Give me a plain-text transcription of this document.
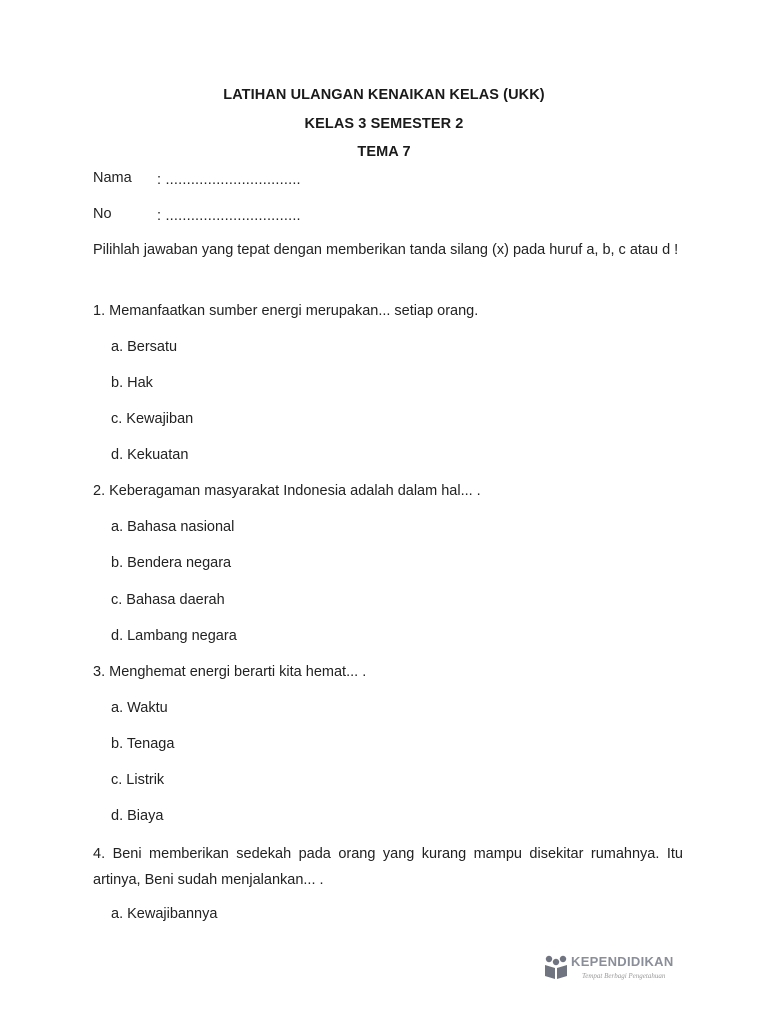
LATIHAN ULANGAN KENAIKAN KELAS (UKK)
KELAS 3 SEMESTER 2
TEMA 7
Nama : ................................
No	: ................................
Pilihlah jawaban yang tepat dengan memberikan tanda silang (x) pada huruf a, b, c atau d !
1. Memanfaatkan sumber energi merupakan... setiap orang.
a. Bersatu
b. Hak
c. Kewajiban
d. Kekuatan
2. Keberagaman masyarakat Indonesia adalah dalam hal... .
a. Bahasa nasional
b. Bendera negara
c. Bahasa daerah
d. Lambang negara
3. Menghemat energi berarti kita hemat... .
a. Waktu
b. Tenaga
c. Listrik
d. Biaya
4. Beni memberikan sedekah pada orang yang kurang mampu disekitar rumahnya. Itu artinya, Beni sudah menjalankan... .
a. Kewajibannya
KEPENDIDIKAN
Tempat Berbagi Pengetahuan
